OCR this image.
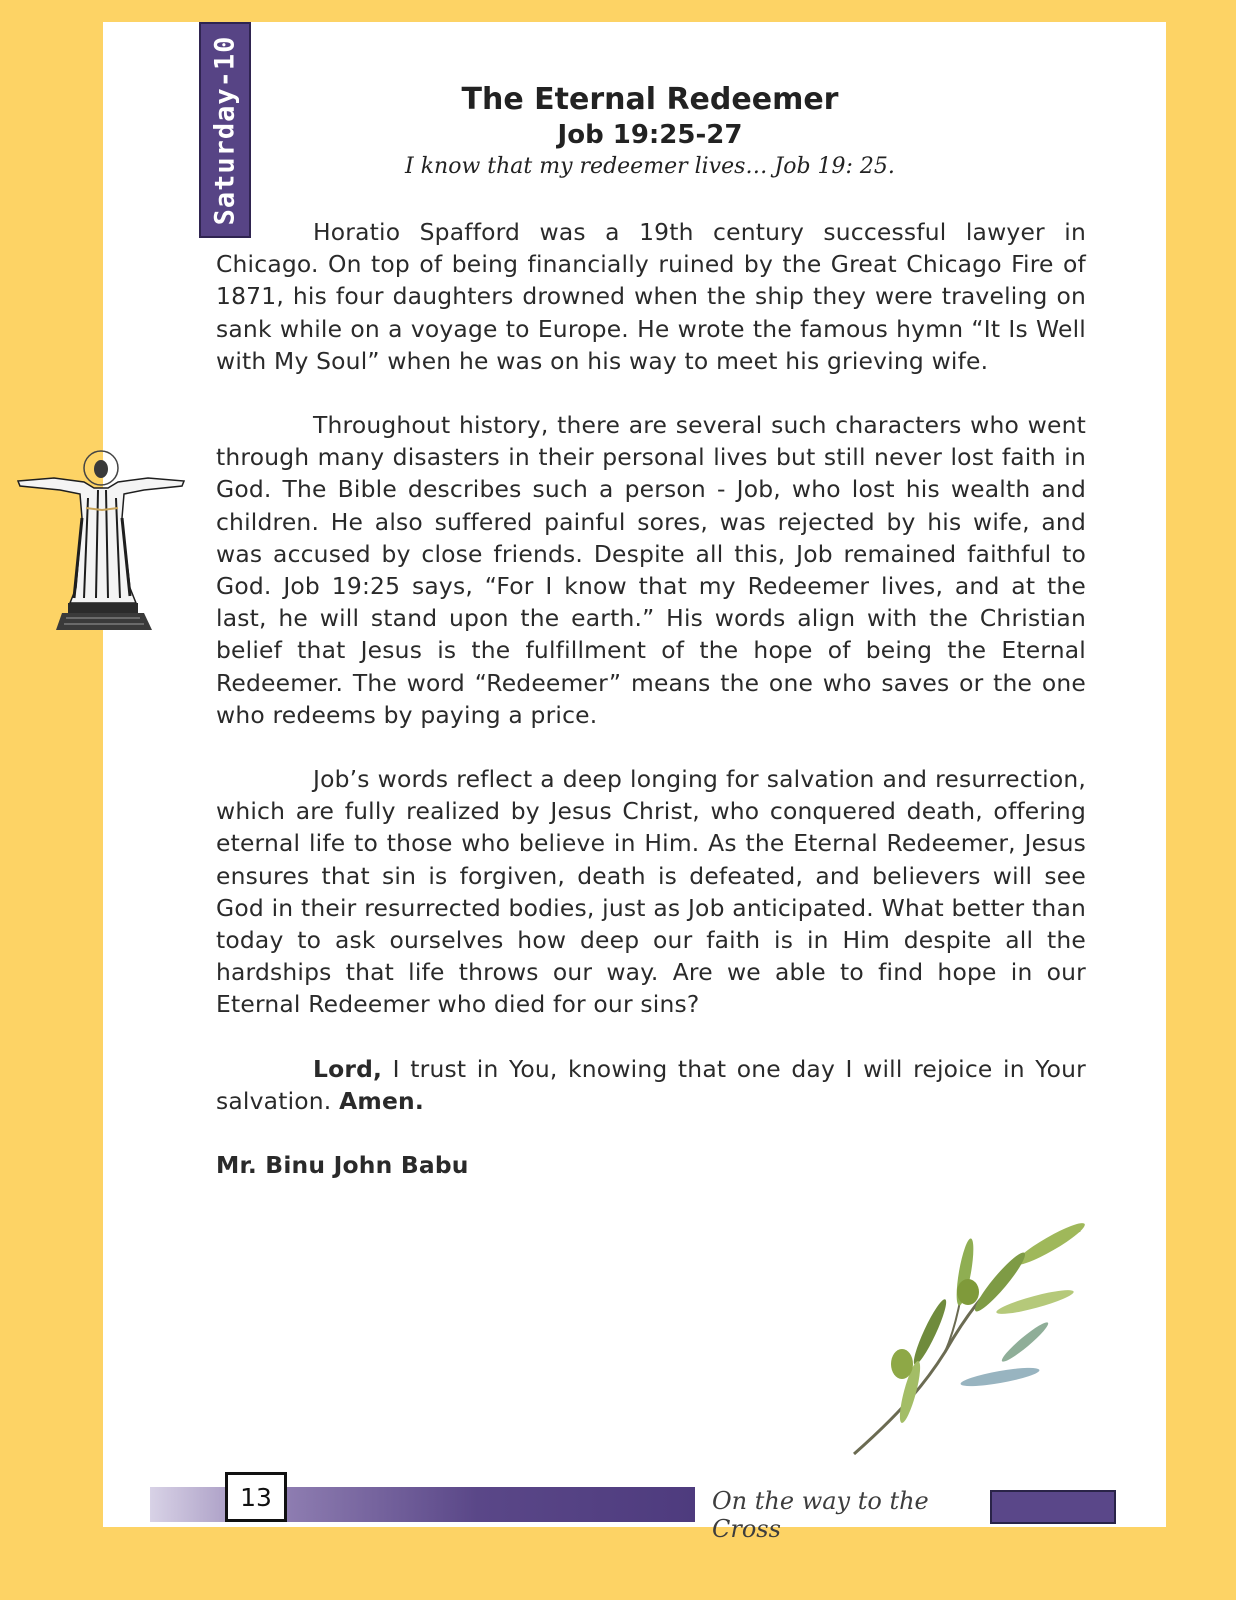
Saturday-10	The Eternal Redeemer
Job 19:25-27
I know that my redeemer lives… Job 19: 25.

Horatio Spafford was a 19th century successful lawyer in Chicago. On top of being financially ruined by the Great Chicago Fire of 1871, his four daughters drowned when the ship they were traveling on sank while on a voyage to Europe. He wrote the famous hymn “It Is Well with My Soul” when he was on his way to meet his grieving wife.

Throughout history, there are several such characters who went through many disasters in their personal lives but still never lost faith in God. The Bible describes such a person - Job, who lost his wealth and children. He also suffered painful sores, was rejected by his wife, and was accused by close friends. Despite all this, Job remained faithful to God. Job 19:25 says, “For I know that my Redeemer lives, and at the last, he will stand upon the earth.” His words align with the Christian belief that Jesus is the fulfillment of the hope of being the Eternal Redeemer. The word “Redeemer” means the one who saves or the one who redeems by paying a price.

Job’s words reflect a deep longing for salvation and resurrection, which are fully realized by Jesus Christ, who conquered death, offering eternal life to those who believe in Him. As the Eternal Redeemer, Jesus ensures that sin is forgiven, death is defeated, and believers will see God in their resurrected bodies, just as Job anticipated. What better than today to ask ourselves how deep our faith is in Him despite all the hardships that life throws our way. Are we able to find hope in our Eternal Redeemer who died for our sins?

Lord, I trust in You, knowing that one day I will rejoice in Your salvation. Amen.

Mr. Binu John Babu

13	On the way to the Cross
